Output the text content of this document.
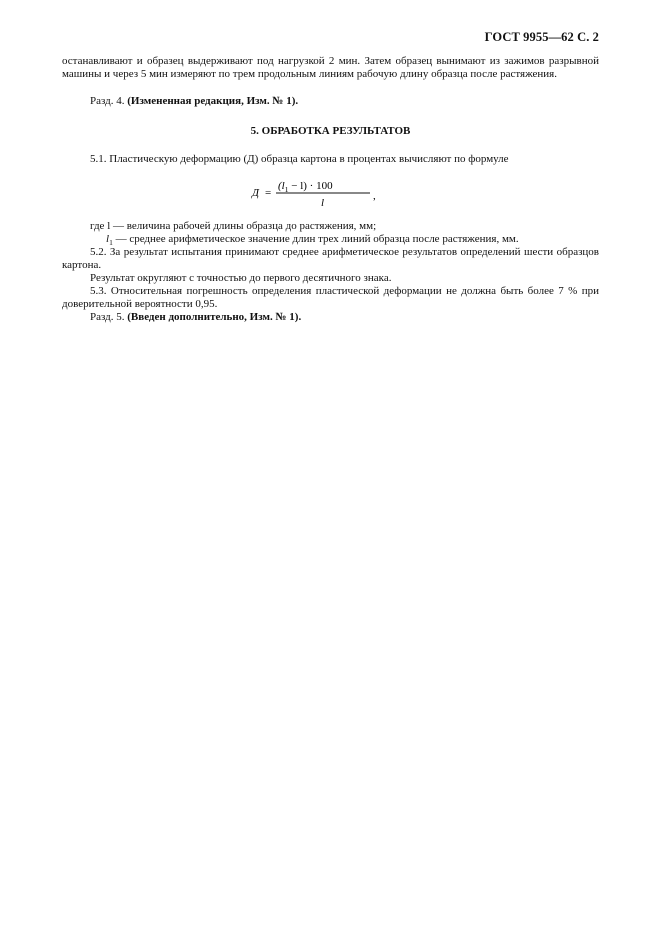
ГОСТ 9955—62 С. 2

останавливают и образец выдерживают под нагрузкой 2 мин. Затем образец вынимают из зажимов разрывной машины и через 5 мин измеряют по трем продольным линиям рабочую длину образца после растяжения.

Разд. 4. (Измененная редакция, Изм. № 1).

5. ОБРАБОТКА РЕЗУЛЬТАТОВ

5.1. Пластическую деформацию (Д) образца картона в процентах вычисляют по формуле

Д =
$(l_1 - l) \cdot 100$
l
,

где l — величина рабочей длины образца до растяжения, мм;

$l_1$ — среднее арифметическое значение длин трех линий образца после растяжения, мм.

5.2. За результат испытания принимают среднее арифметическое результатов определений шести образцов картона.

Результат округляют с точностью до первого десятичного знака.

5.3. Относительная погрешность определения пластической деформации не должна быть более 7 % при доверительной вероятности 0,95.

Разд. 5. (Введен дополнительно, Изм. № 1).
